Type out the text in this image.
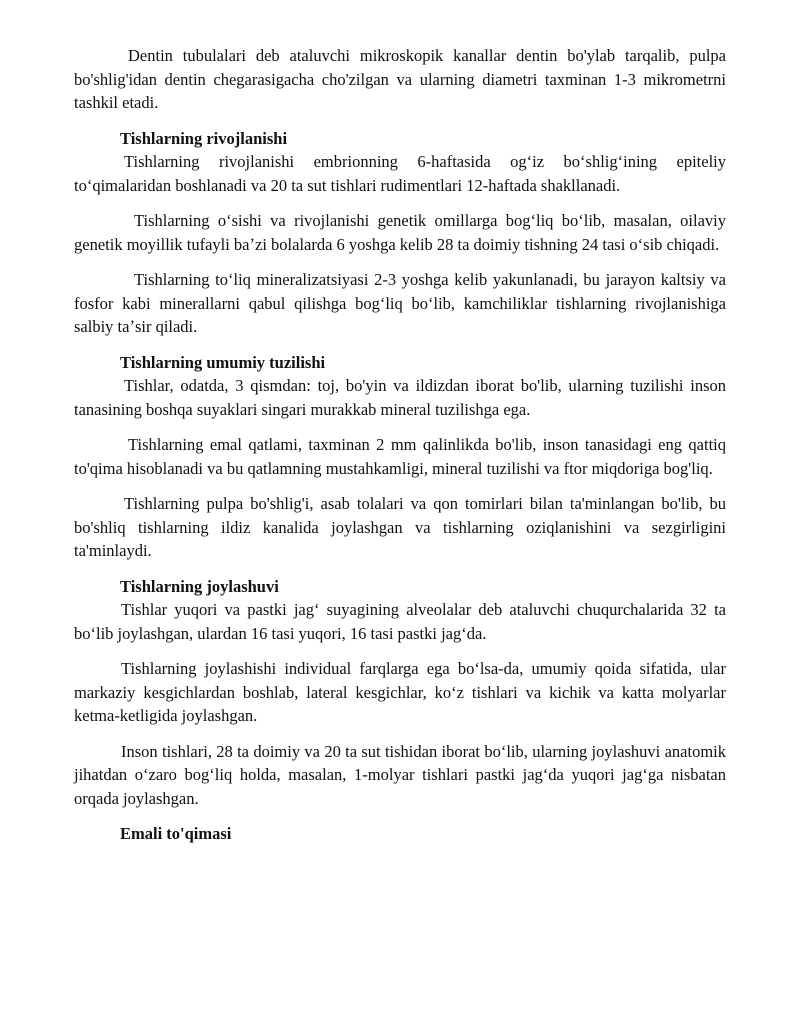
Dentin tubulalari deb ataluvchi mikroskopik kanallar dentin bo'ylab tarqalib, pulpa bo'shlig'idan dentin chegarasigacha cho'zilgan va ularning diametri taxminan 1-3 mikrometrni tashkil etadi.

Tishlarning rivojlanishi

Tishlarning rivojlanishi embrionning 6-haftasida ogʻiz boʻshligʻining epiteliy toʻqimalaridan boshlanadi va 20 ta sut tishlari rudimentlari 12-haftada shakllanadi.

Tishlarning oʻsishi va rivojlanishi genetik omillarga bogʻliq boʻlib, masalan, oilaviy genetik moyillik tufayli baʼzi bolalarda 6 yoshga kelib 28 ta doimiy tishning 24 tasi oʻsib chiqadi.

Tishlarning toʻliq mineralizatsiyasi 2-3 yoshga kelib yakunlanadi, bu jarayon kaltsiy va fosfor kabi minerallarni qabul qilishga bogʻliq boʻlib, kamchiliklar tishlarning rivojlanishiga salbiy taʼsir qiladi.

Tishlarning umumiy tuzilishi

Tishlar, odatda, 3 qismdan: toj, bo'yin va ildizdan iborat bo'lib, ularning tuzilishi inson tanasining boshqa suyaklari singari murakkab mineral tuzilishga ega.

Tishlarning emal qatlami, taxminan 2 mm qalinlikda bo'lib, inson tanasidagi eng qattiq to'qima hisoblanadi va bu qatlamning mustahkamligi, mineral tuzilishi va ftor miqdoriga bog'liq.

Tishlarning pulpa bo'shlig'i, asab tolalari va qon tomirlari bilan ta'minlangan bo'lib, bu bo'shliq tishlarning ildiz kanalida joylashgan va tishlarning oziqlanishini va sezgirligini ta'minlaydi.

Tishlarning joylashuvi

Tishlar yuqori va pastki jagʻ suyagining alveolalar deb ataluvchi chuqurchalarida 32 ta boʻlib joylashgan, ulardan 16 tasi yuqori, 16 tasi pastki jagʻda.

Tishlarning joylashishi individual farqlarga ega boʻlsa-da, umumiy qoida sifatida, ular markaziy kesgichlardan boshlab, lateral kesgichlar, koʻz tishlari va kichik va katta molyarlar ketma-ketligida joylashgan.

Inson tishlari, 28 ta doimiy va 20 ta sut tishidan iborat boʻlib, ularning joylashuvi anatomik jihatdan oʻzaro bogʻliq holda, masalan, 1-molyar tishlari pastki jagʻda yuqori jagʻga nisbatan orqada joylashgan.

Emali to'qimasi
